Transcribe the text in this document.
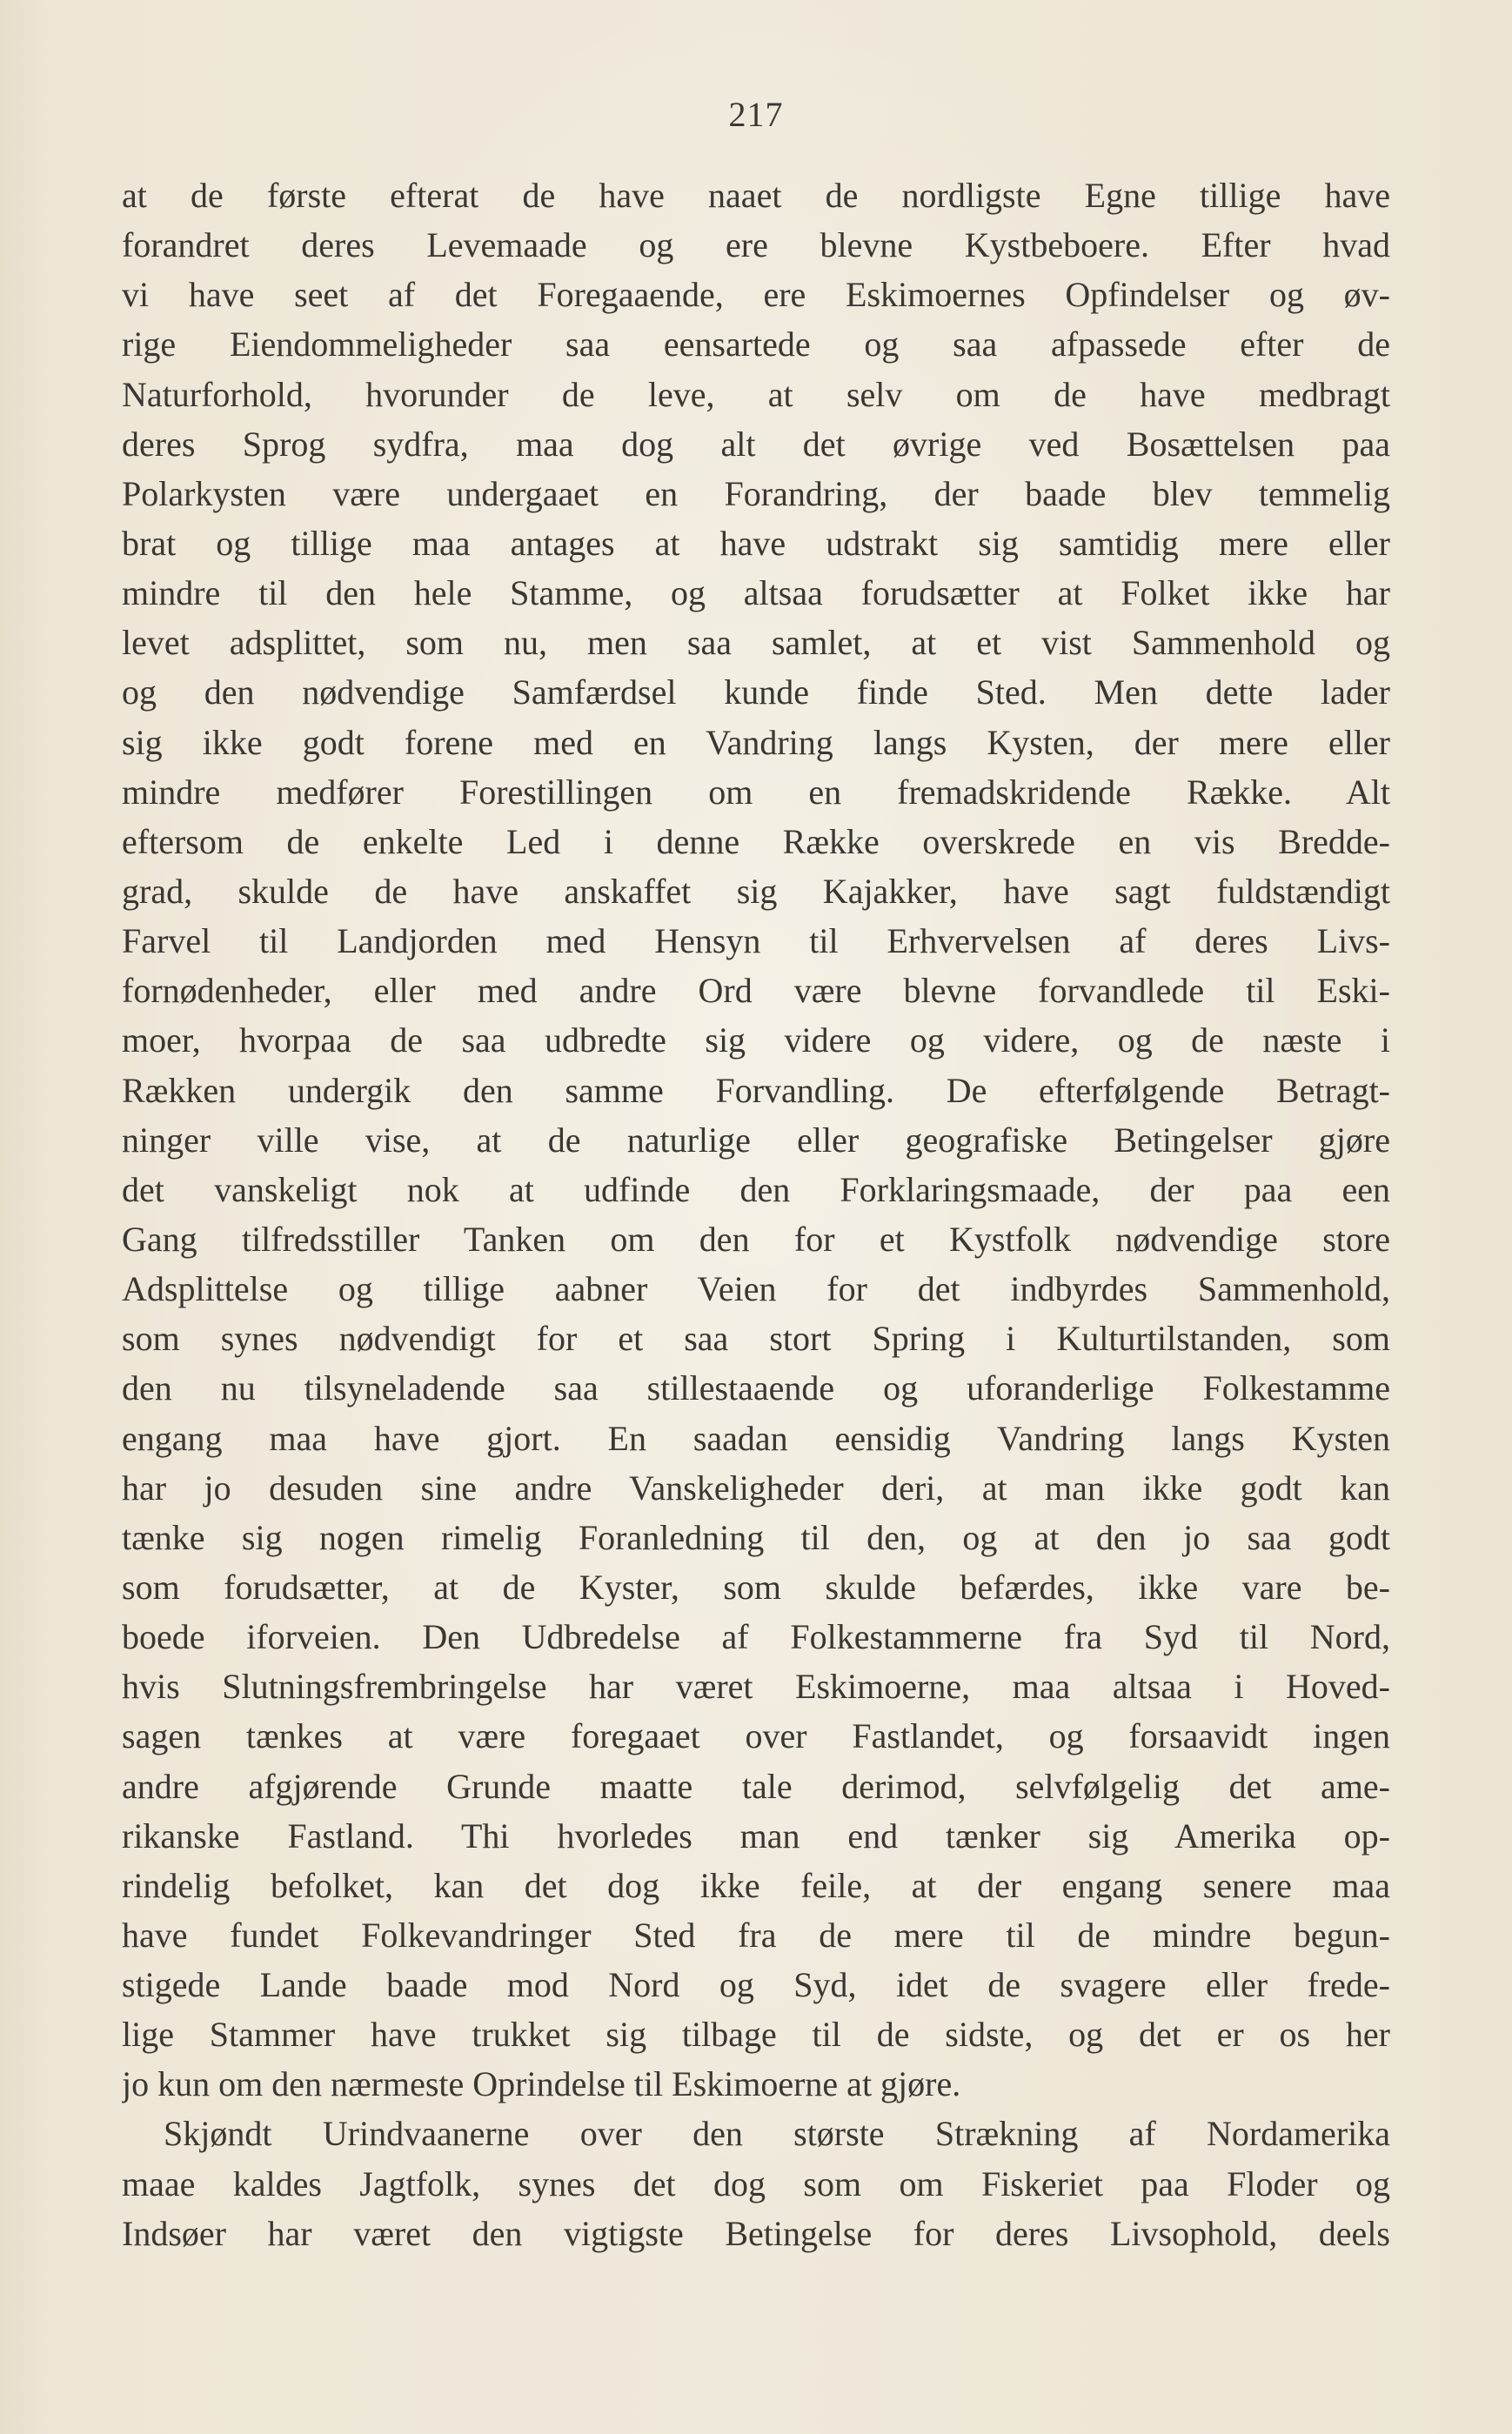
217
at de første efterat de have naaet de nordligste Egne tillige have
forandret deres Levemaade og ere blevne Kystbeboere. Efter hvad
vi have seet af det Foregaaende, ere Eskimoernes Opfindelser og øv-
rige Eiendommeligheder saa eensartede og saa afpassede efter de
Naturforhold, hvorunder de leve, at selv om de have medbragt
deres Sprog sydfra, maa dog alt det øvrige ved Bosættelsen paa
Polarkysten være undergaaet en Forandring, der baade blev temmelig
brat og tillige maa antages at have udstrakt sig samtidig mere eller
mindre til den hele Stamme, og altsaa forudsætter at Folket ikke har
levet adsplittet, som nu, men saa samlet, at et vist Sammenhold og
og den nødvendige Samfærdsel kunde finde Sted. Men dette lader
sig ikke godt forene med en Vandring langs Kysten, der mere eller
mindre medfører Forestillingen om en fremadskridende Række. Alt
eftersom de enkelte Led i denne Række overskrede en vis Bredde-
grad, skulde de have anskaffet sig Kajakker, have sagt fuldstændigt
Farvel til Landjorden med Hensyn til Erhvervelsen af deres Livs-
fornødenheder, eller med andre Ord være blevne forvandlede til Eski-
moer, hvorpaa de saa udbredte sig videre og videre, og de næste i
Rækken undergik den samme Forvandling. De efterfølgende Betragt-
ninger ville vise, at de naturlige eller geografiske Betingelser gjøre
det vanskeligt nok at udfinde den Forklaringsmaade, der paa een
Gang tilfredsstiller Tanken om den for et Kystfolk nødvendige store
Adsplittelse og tillige aabner Veien for det indbyrdes Sammenhold,
som synes nødvendigt for et saa stort Spring i Kulturtilstanden, som
den nu tilsyneladende saa stillestaaende og uforanderlige Folkestamme
engang maa have gjort. En saadan eensidig Vandring langs Kysten
har jo desuden sine andre Vanskeligheder deri, at man ikke godt kan
tænke sig nogen rimelig Foranledning til den, og at den jo saa godt
som forudsætter, at de Kyster, som skulde befærdes, ikke vare be-
boede iforveien. Den Udbredelse af Folkestammerne fra Syd til Nord,
hvis Slutningsfrembringelse har været Eskimoerne, maa altsaa i Hoved-
sagen tænkes at være foregaaet over Fastlandet, og forsaavidt ingen
andre afgjørende Grunde maatte tale derimod, selvfølgelig det ame-
rikanske Fastland. Thi hvorledes man end tænker sig Amerika op-
rindelig befolket, kan det dog ikke feile, at der engang senere maa
have fundet Folkevandringer Sted fra de mere til de mindre begun-
stigede Lande baade mod Nord og Syd, idet de svagere eller frede-
lige Stammer have trukket sig tilbage til de sidste, og det er os her
jo kun om den nærmeste Oprindelse til Eskimoerne at gjøre.
Skjøndt Urindvaanerne over den største Strækning af Nordamerika
maae kaldes Jagtfolk, synes det dog som om Fiskeriet paa Floder og
Indsøer har været den vigtigste Betingelse for deres Livsophold, deels
